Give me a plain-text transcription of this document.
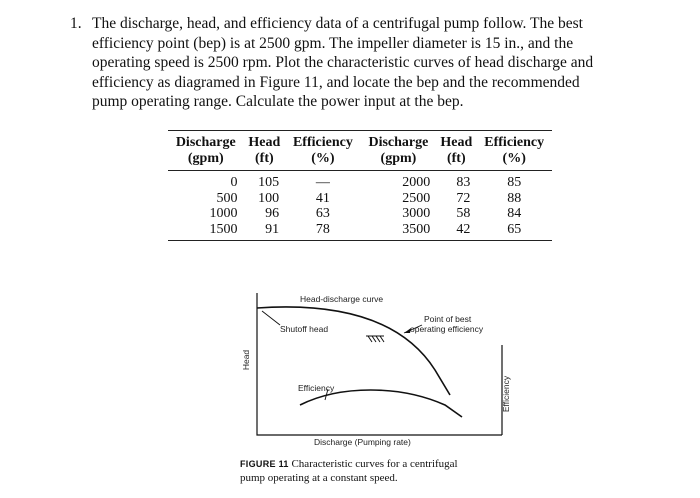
1. The discharge, head, and efficiency data of a centrifugal pump follow. The best
efficiency point (bep) is at 2500 gpm. The impeller diameter is 15 in., and the
operating speed is 2500 rpm. Plot the characteristic curves of head discharge and
efficiency as diagramed in Figure 11, and locate the bep and the recommended
pump operating range. Calculate the power input at the bep.
Discharge	Head	Efficiency	Discharge	Head	Efficiency
(gpm)	(ft)	(%)	(gpm)	(ft)	(%)
0	105	—	2000	83	85
500	100	41	2500	72	88
1000	96	63	3000	58	84
1500	91	78	3500	42	65
Head-discharge curve
Shutoff head
Point of best
operating efficiency
Efficiency
Head
Efficiency
Discharge (Pumping rate)
FIGURE 11 Characteristic curves for a centrifugal
pump operating at a constant speed.
